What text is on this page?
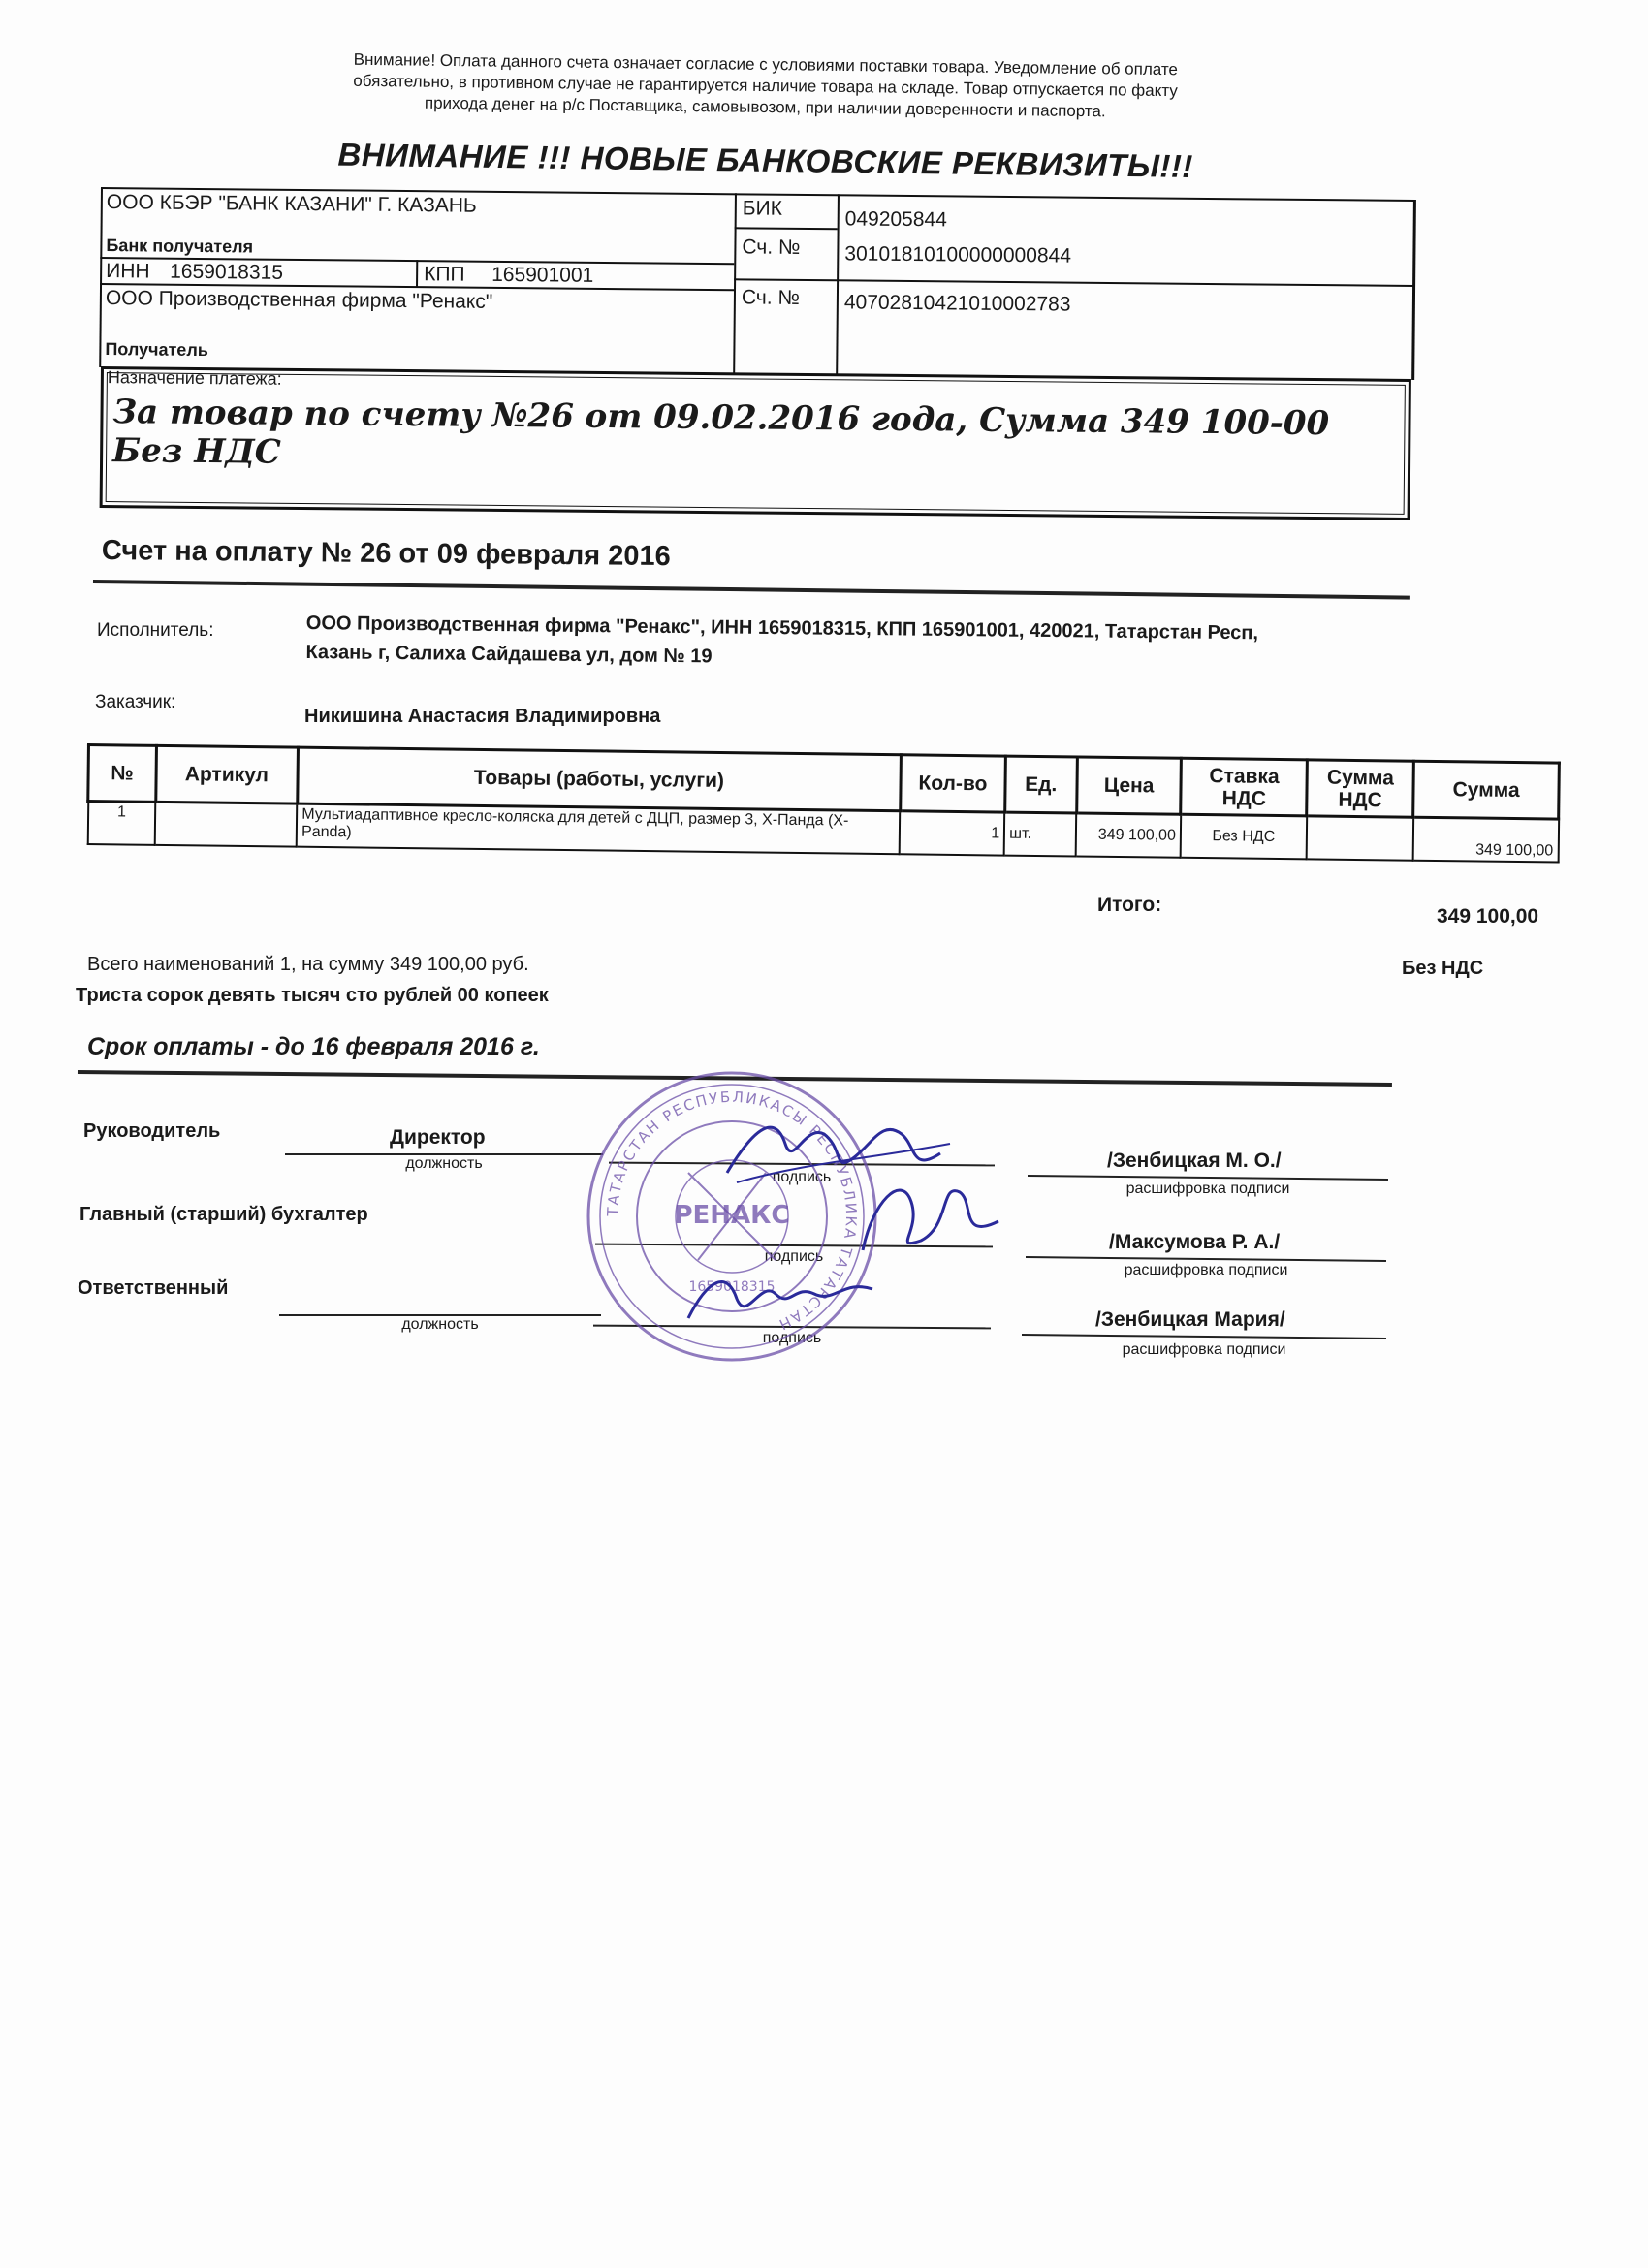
Внимание! Оплата данного счета означает согласие с условиями поставки товара. Уведомление об оплате
обязательно, в противном случае не гарантируется наличие товара на складе. Товар отпускается по факту
прихода денег на р/с Поставщика, самовывозом, при наличии доверенности и паспорта.
ВНИМАНИЕ !!! НОВЫЕ БАНКОВСКИЕ РЕКВИЗИТЫ!!!
ООО КБЭР "БАНК КАЗАНИ" Г. КАЗАНЬ
Банк получателя
БИК	049205844
Сч. № 30101810100000000844
ИНН 1659018315	КПП 165901001
ООО Производственная фирма "Ренакс"
Получатель
Сч. № 40702810421010002783
Назначение платежа:
За товар по счету №26 от 09.02.2016 года, Сумма 349 100-00 Без НДС
Счет на оплату № 26 от 09 февраля 2016
Исполнитель:	ООО Производственная фирма "Ренакс", ИНН 1659018315, КПП 165901001, 420021, Татарстан Респ,
Казань г, Салиха Сайдашева ул, дом № 19
Заказчик:
Никишина Анастасия Владимировна
№	Артикул	Товары (работы, услуги)	Кол-во	Ед.	Цена	Ставка НДС	Сумма НДС	Сумма
1		Мультиадаптивное кресло-коляска для детей с ДЦП, размер 3, Х-Панда (X-Panda)	1	шт.	349 100,00	Без НДС		349 100,00
Итого:
349 100,00
Всего наименований 1, на сумму 349 100,00 руб.	Без НДС
Триста сорок девять тысяч сто рублей 00 копеек
Срок оплаты - до 16 февраля 2016 г.
Руководитель	Директор
должность
подпись
/Зенбицкая М. О./
расшифровка подписи
Главный (старший) бухгалтер
подпись
/Максумова Р. А./
расшифровка подписи
Ответственный
должность
подпись
/Зенбицкая Мария/
расшифровка подписи
ТАТАРСТАН РЕСПУБЛИКАСЫ РЕСПУБЛИКА ТАТАРСТАН
РЕНАКС
1659018315
